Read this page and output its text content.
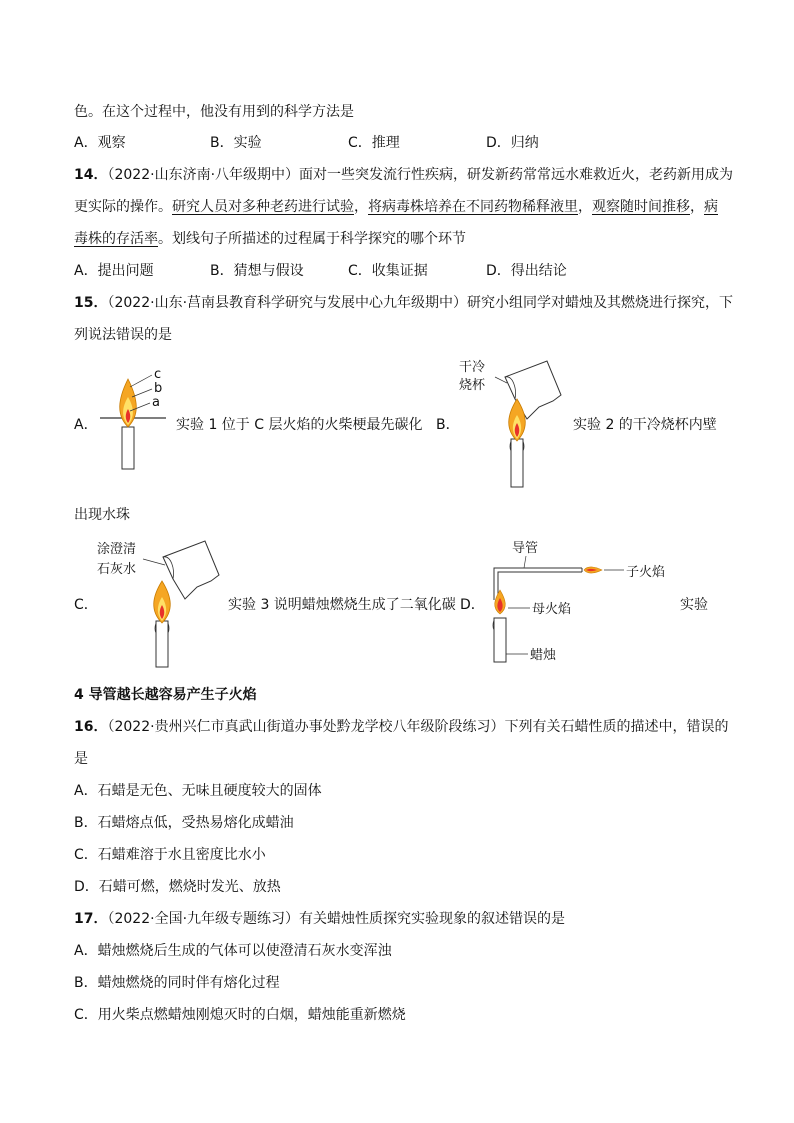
色。在这个过程中，他没有用到的科学方法是
A．观察	B．实验	C．推理	D．归纳
14．（2022·山东济南·八年级期中）面对一些突发流行性疾病，研发新药常常远水难救近火，老药新用成为
更实际的操作。研究人员对多种老药进行试验，将病毒株培养在不同药物稀释液里，观察随时间推移，病
毒株的存活率。划线句子所描述的过程属于科学探究的哪个环节
A．提出问题	B．猜想与假设	C．收集证据	D．得出结论
15．（2022·山东·莒南县教育科学研究与发展中心九年级期中）研究小组同学对蜡烛及其燃烧进行探究，下
列说法错误的是
A．
c
b
a
实验 1 位于 C 层火焰的火柴梗最先碳化 B．
干冷
烧杯
实验 2 的干冷烧杯内壁
出现水珠
C．
涂澄清
石灰水
实验 3 说明蜡烛燃烧生成了二氧化碳 D．
导管
子火焰
母火焰
蜡烛
实验
4 导管越长越容易产生子火焰
16．（2022·贵州兴仁市真武山街道办事处黔龙学校八年级阶段练习）下列有关石蜡性质的描述中，错误的
是
A．石蜡是无色、无味且硬度较大的固体
B．石蜡熔点低，受热易熔化成蜡油
C．石蜡难溶于水且密度比水小
D．石蜡可燃，燃烧时发光、放热
17．（2022·全国·九年级专题练习）有关蜡烛性质探究实验现象的叙述错误的是
A．蜡烛燃烧后生成的气体可以使澄清石灰水变浑浊
B．蜡烛燃烧的同时伴有熔化过程
C．用火柴点燃蜡烛刚熄灭时的白烟，蜡烛能重新燃烧
